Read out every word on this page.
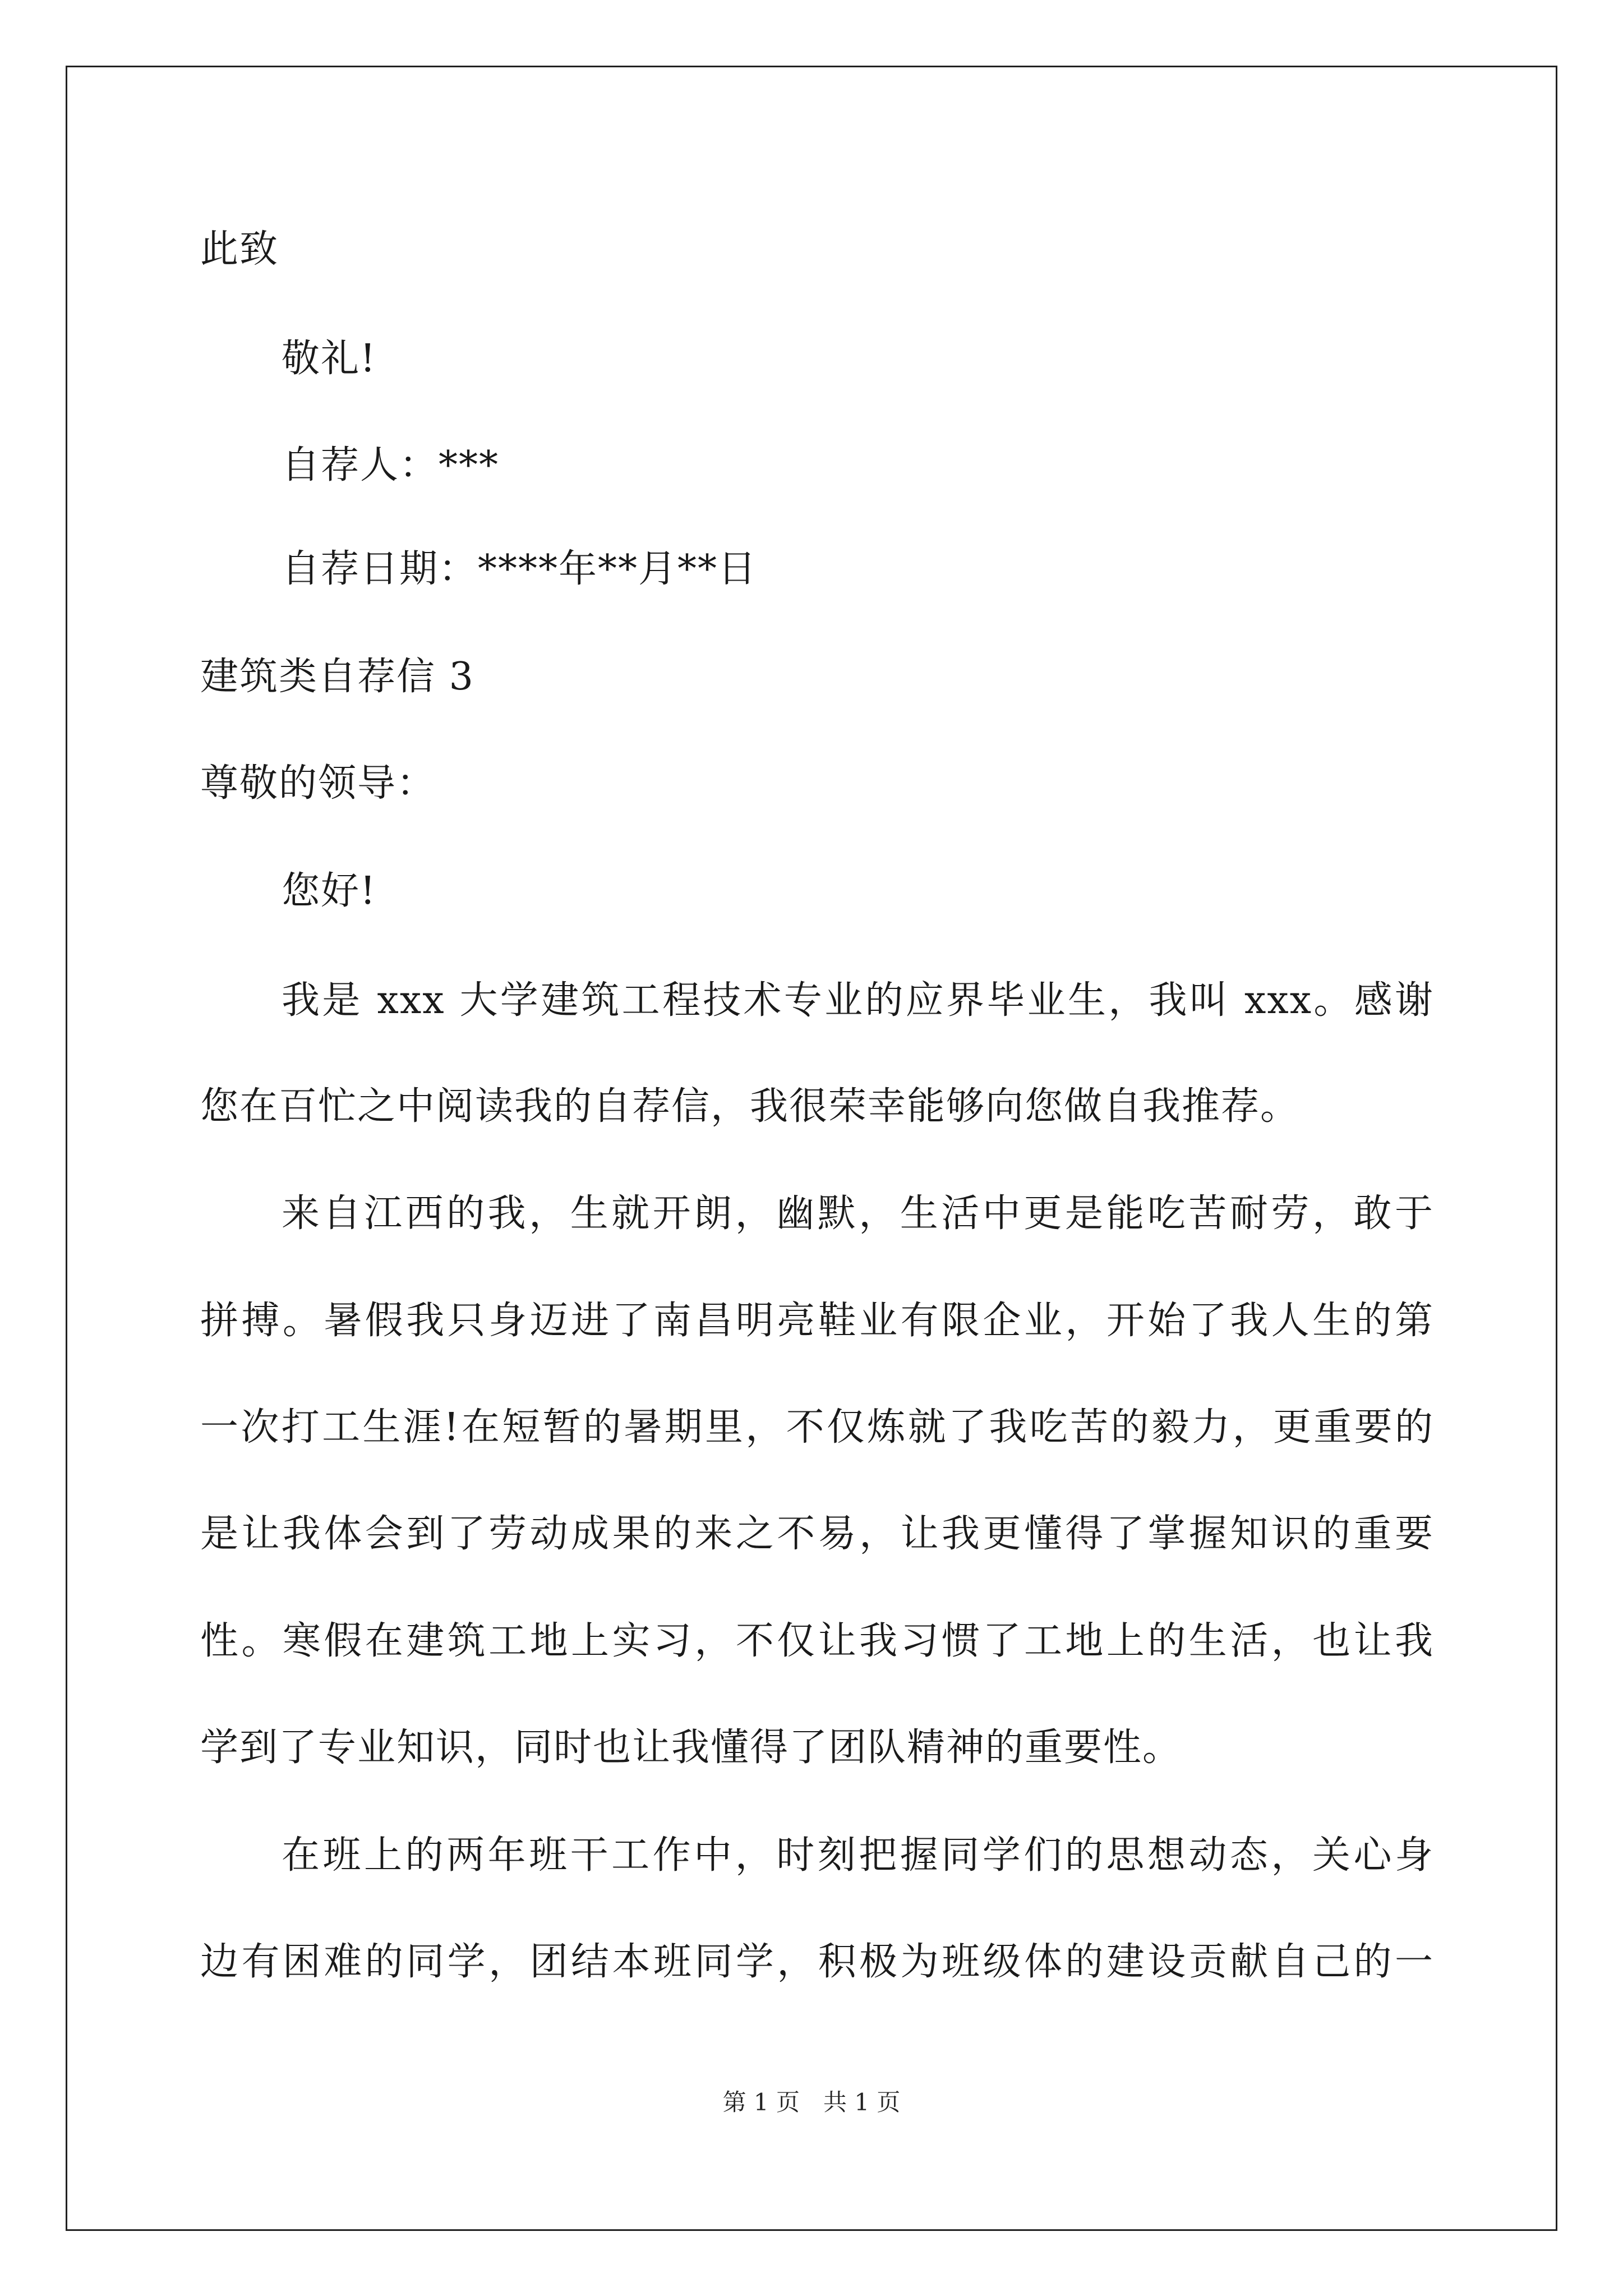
此致
敬礼!
自荐人：***
自荐日期：****年**月**日
建筑类自荐信 3
尊敬的领导：
您好!
我是 xxx 大学建筑工程技术专业的应界毕业生，我叫 xxx。感谢
您在百忙之中阅读我的自荐信，我很荣幸能够向您做自我推荐。
来自江西的我，生就开朗，幽默，生活中更是能吃苦耐劳，敢于
拼搏。暑假我只身迈进了南昌明亮鞋业有限企业，开始了我人生的第
一次打工生涯!在短暂的暑期里，不仅炼就了我吃苦的毅力，更重要的
是让我体会到了劳动成果的来之不易，让我更懂得了掌握知识的重要
性。寒假在建筑工地上实习，不仅让我习惯了工地上的生活，也让我
学到了专业知识，同时也让我懂得了团队精神的重要性。
在班上的两年班干工作中，时刻把握同学们的思想动态，关心身
边有困难的同学，团结本班同学，积极为班级体的建设贡献自己的一
第 1 页　共 1 页
